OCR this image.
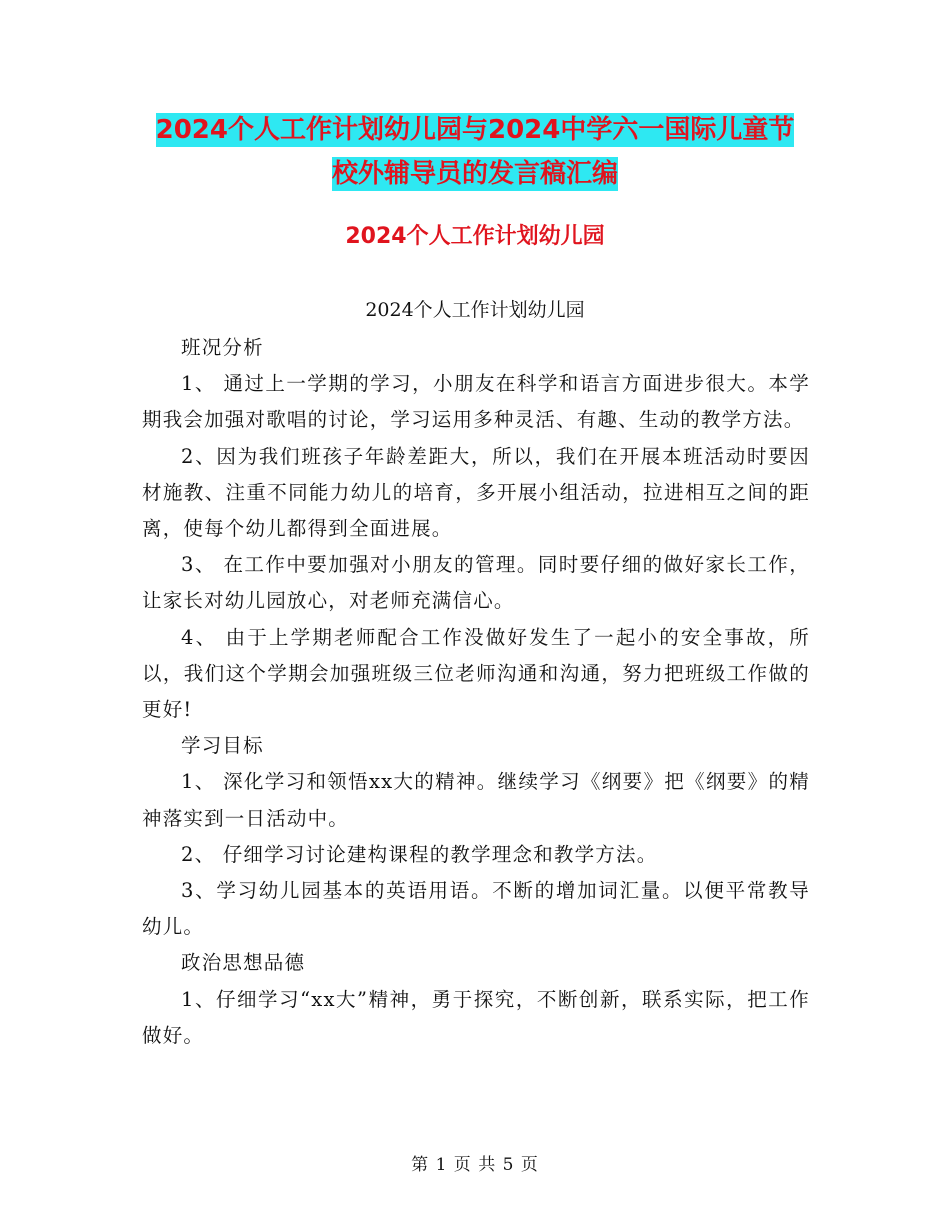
2024个人工作计划幼儿园与2024中学六一国际儿童节
校外辅导员的发言稿汇编
2024个人工作计划幼儿园
2024个人工作计划幼儿园

班况分析

1、 通过上一学期的学习，小朋友在科学和语言方面进步很大。本学期我会加强对歌唱的讨论，学习运用多种灵活、有趣、生动的教学方法。

2、因为我们班孩子年龄差距大，所以，我们在开展本班活动时要因材施教、注重不同能力幼儿的培育，多开展小组活动，拉进相互之间的距离，使每个幼儿都得到全面进展。

3、 在工作中要加强对小朋友的管理。同时要仔细的做好家长工作，让家长对幼儿园放心，对老师充满信心。

4、 由于上学期老师配合工作没做好发生了一起小的安全事故，所以，我们这个学期会加强班级三位老师沟通和沟通，努力把班级工作做的更好!

学习目标

1、 深化学习和领悟xx大的精神。继续学习《纲要》把《纲要》的精神落实到一日活动中。

2、 仔细学习讨论建构课程的教学理念和教学方法。

3、学习幼儿园基本的英语用语。不断的增加词汇量。以便平常教导幼儿。

政治思想品德

1、仔细学习“xx大”精神，勇于探究，不断创新，联系实际，把工作做好。

第 1 页 共 5 页
